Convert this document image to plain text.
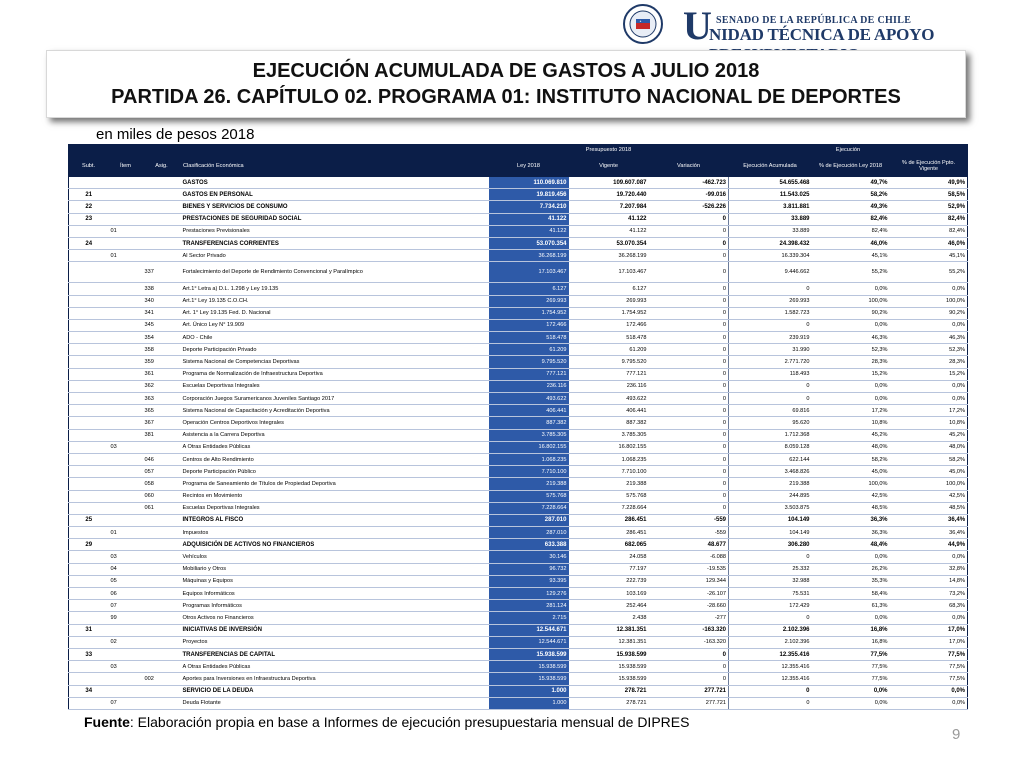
U SENADO DE LA REPÚBLICA DE CHILE
NIDAD TÉCNICA DE APOYO
EJECUCIÓN ACUMULADA DE GASTOS A JULIO 2018
PARTIDA 26. CAPÍTULO 02. PROGRAMA 01: INSTITUTO NACIONAL DE DEPORTES
en miles de pesos 2018
				Presupuesto 2018			Ejecución		
Subt.	Ítem	Asig.	Clasificación Económica	Ley 2018	Vigente	Variación	Ejecución Acumulada	% de Ejecución Ley 2018	% de Ejecución Ppto. Vigente
			GASTOS	110.069.810	109.607.087	-462.723	54.655.468	49,7%	49,9%
21			GASTOS EN PERSONAL	19.819.456	19.720.440	-99.016	11.543.025	58,2%	58,5%
22			BIENES Y SERVICIOS DE CONSUMO	7.734.210	7.207.984	-526.226	3.811.881	49,3%	52,9%
23			PRESTACIONES DE SEGURIDAD SOCIAL	41.122	41.122	0	33.889	82,4%	82,4%
	01		Prestaciones Previsionales	41.122	41.122	0	33.889	82,4%	82,4%
24			TRANSFERENCIAS CORRIENTES	53.070.354	53.070.354	0	24.398.432	46,0%	46,0%
	01		Al Sector Privado	36.268.199	36.268.199	0	16.339.304	45,1%	45,1%
		337	Fortalecimiento del Deporte de Rendimiento Convencional y Paralímpico	17.103.467	17.103.467	0	9.446.662	55,2%	55,2%
		338	Art.1° Letra a) D.L. 1.298 y Ley 19.135	6.127	6.127	0	0	0,0%	0,0%
		340	Art.1° Ley 19.135 C.O.CH.	269.993	269.993	0	269.993	100,0%	100,0%
		341	Art. 1° Ley 19.135 Fed. D. Nacional	1.754.952	1.754.952	0	1.582.723	90,2%	90,2%
		345	Art. Único Ley N° 19.909	172.466	172.466	0	0	0,0%	0,0%
		354	ADO - Chile	518.478	518.478	0	239.919	46,3%	46,3%
		358	Deporte Participación Privado	61.209	61.209	0	31.990	52,3%	52,3%
		359	Sistema Nacional de Competencias Deportivas	9.795.520	9.795.520	0	2.771.720	28,3%	28,3%
		361	Programa de Normalización de Infraestructura Deportiva	777.121	777.121	0	118.493	15,2%	15,2%
		362	Escuelas Deportivas Integrales	236.116	236.116	0	0	0,0%	0,0%
		363	Corporación Juegos Suramericanos Juveniles Santiago 2017	493.622	493.622	0	0	0,0%	0,0%
		365	Sistema Nacional de Capacitación y Acreditación Deportiva	406.441	406.441	0	69.816	17,2%	17,2%
		367	Operación Centros Deportivos Integrales	887.382	887.382	0	95.620	10,8%	10,8%
		381	Asistencia a la Carrera Deportiva	3.785.305	3.785.305	0	1.712.368	45,2%	45,2%
	03		A Otras Entidades Públicas	16.802.155	16.802.155	0	8.059.128	48,0%	48,0%
		046	Centros de Alto Rendimiento	1.068.235	1.068.235	0	622.144	58,2%	58,2%
		057	Deporte Participación Público	7.710.100	7.710.100	0	3.468.826	45,0%	45,0%
		058	Programa de Saneamiento de Títulos de Propiedad Deportiva	219.388	219.388	0	219.388	100,0%	100,0%
		060	Recintos en Movimiento	575.768	575.768	0	244.895	42,5%	42,5%
		061	Escuelas Deportivas Integrales	7.228.664	7.228.664	0	3.503.875	48,5%	48,5%
25			INTEGROS AL FISCO	287.010	286.451	-559	104.149	36,3%	36,4%
	01		Impuestos	287.010	286.451	-559	104.149	36,3%	36,4%
29			ADQUISICIÓN DE ACTIVOS NO FINANCIEROS	633.388	682.065	48.677	306.280	48,4%	44,9%
	03		Vehículos	30.146	24.058	-6.088	0	0,0%	0,0%
	04		Mobiliario y Otros	96.732	77.197	-19.535	25.332	26,2%	32,8%
	05		Máquinas y Equipos	93.395	222.739	129.344	32.988	35,3%	14,8%
	06		Equipos Informáticos	129.276	103.169	-26.107	75.531	58,4%	73,2%
	07		Programas Informáticos	281.124	252.464	-28.660	172.429	61,3%	68,3%
	99		Otros Activos no Financieros	2.715	2.438	-277	0	0,0%	0,0%
31			INICIATIVAS DE INVERSIÓN	12.544.671	12.381.351	-163.320	2.102.396	16,8%	17,0%
	02		Proyectos	12.544.671	12.381.351	-163.320	2.102.396	16,8%	17,0%
33			TRANSFERENCIAS DE CAPITAL	15.938.599	15.938.599	0	12.355.416	77,5%	77,5%
	03		A Otras Entidades Públicas	15.938.599	15.938.599	0	12.355.416	77,5%	77,5%
		002	Aportes para Inversiones en Infraestructura Deportiva	15.938.599	15.938.599	0	12.355.416	77,5%	77,5%
34			SERVICIO DE LA DEUDA	1.000	278.721	277.721	0	0,0%	0,0%
	07		Deuda Flotante	1.000	278.721	277.721	0	0,0%	0,0%
Fuente: Elaboración propia en base a Informes de ejecución presupuestaria mensual de DIPRES
9
